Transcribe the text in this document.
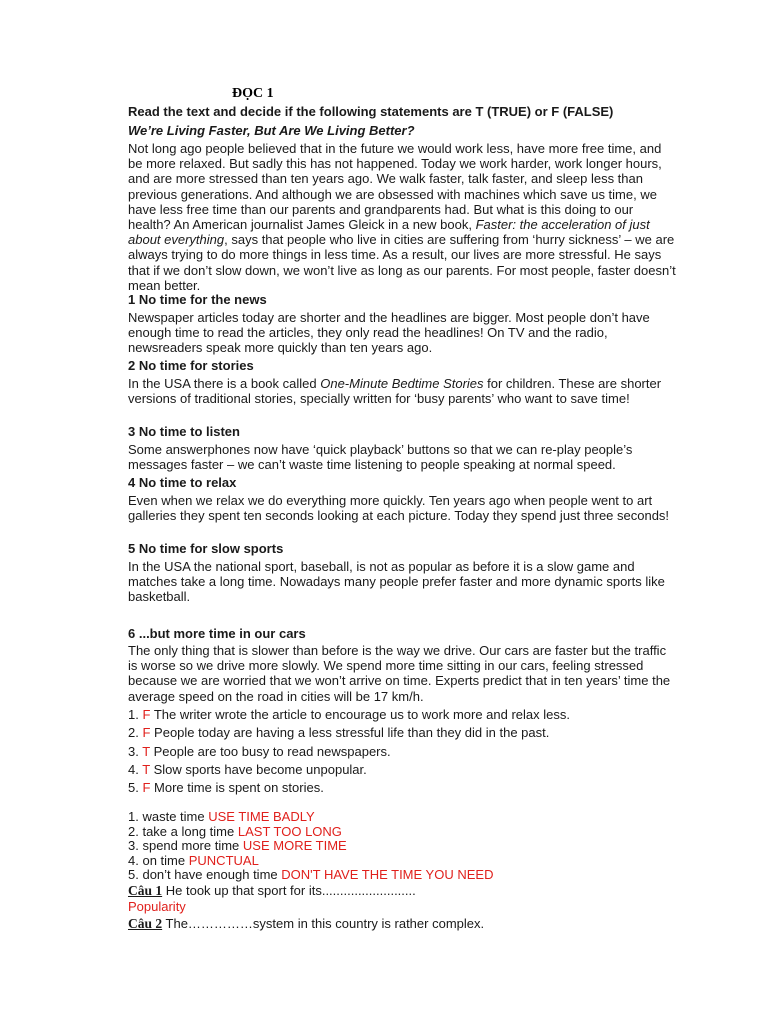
ĐỌC 1
Read the text and decide if the following statements are T (TRUE) or F (FALSE)
We’re Living Faster, But Are We Living Better?

Not long ago people believed that in the future we would work less, have more free time, and be more relaxed. But sadly this has not happened. Today we work harder, work longer hours, and are more stressed than ten years ago. We walk faster, talk faster, and sleep less than previous generations. And although we are obsessed with machines which save us time, we have less free time than our parents and grandparents had. But what is this doing to our health? An American journalist James Gleick in a new book, Faster: the acceleration of just about everything, says that people who live in cities are suffering from ‘hurry sickness’ – we are always trying to do more things in less time. As a result, our lives are more stressful. He says that if we don’t slow down, we won’t live as long as our parents. For most people, faster doesn’t mean better.

1 No time for the news

Newspaper articles today are shorter and the headlines are bigger. Most people don’t have enough time to read the articles, they only read the headlines! On TV and the radio, newsreaders speak more quickly than ten years ago.

2 No time for stories

In the USA there is a book called One-Minute Bedtime Stories for children. These are shorter versions of traditional stories, specially written for ‘busy parents’ who want to save time!

3 No time to listen

Some answerphones now have ‘quick playback’ buttons so that we can re-play people’s messages faster – we can’t waste time listening to people speaking at normal speed.

4 No time to relax

Even when we relax we do everything more quickly. Ten years ago when people went to art galleries they spent ten seconds looking at each picture. Today they spend just three seconds!

5 No time for slow sports

In the USA the national sport, baseball, is not as popular as before it is a slow game and matches take a long time. Nowadays many people prefer faster and more dynamic sports like basketball.

6 ...but more time in our cars

The only thing that is slower than before is the way we drive. Our cars are faster but the traffic is worse so we drive more slowly. We spend more time sitting in our cars, feeling stressed because we are worried that we won’t arrive on time. Experts predict that in ten years’ time the average speed on the road in cities will be 17 km/h.

1. F The writer wrote the article to encourage us to work more and relax less.
2. F People today are having a less stressful life than they did in the past.
3. T People are too busy to read newspapers.
4. T Slow sports have become unpopular.
5. F More time is spent on stories.
1. waste time USE TIME BADLY
2. take a long time LAST TOO LONG
3. spend more time USE MORE TIME
4. on time PUNCTUAL
5. don’t have enough time DON'T HAVE THE TIME YOU NEED
Câu 1 He took up that sport for its..........................
Popularity
Câu 2 The……………system in this country is rather complex.
